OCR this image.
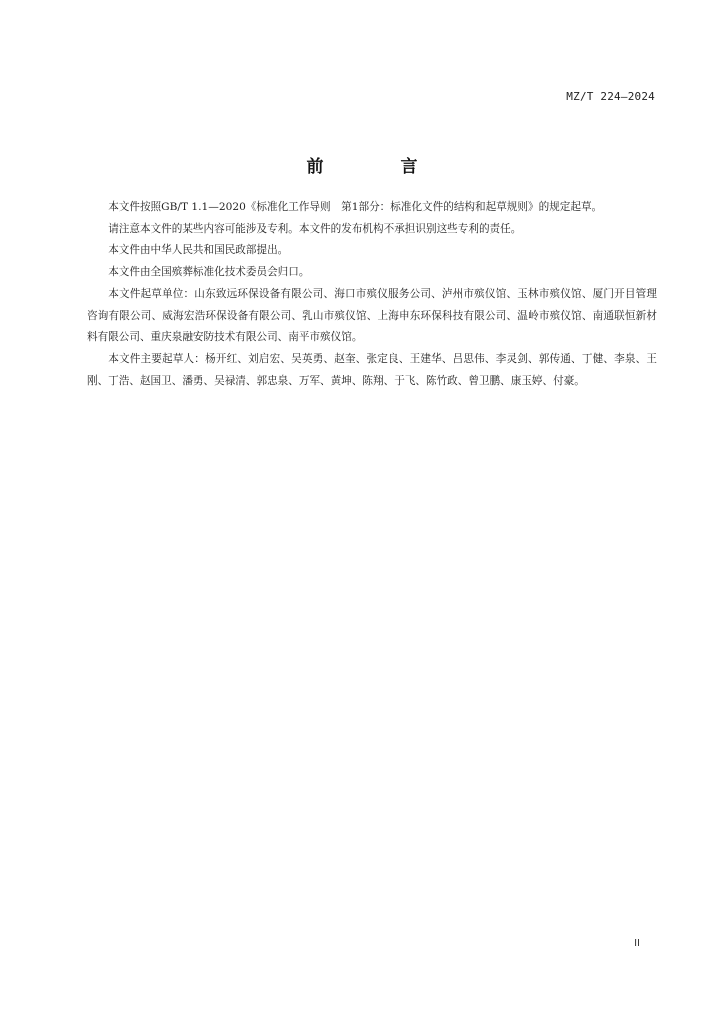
MZ/T 224—2024
前　言

本文件按照GB/T 1.1—2020《标准化工作导则　第1部分：标准化文件的结构和起草规则》的规定起草。

请注意本文件的某些内容可能涉及专利。本文件的发布机构不承担识别这些专利的责任。

本文件由中华人民共和国民政部提出。

本文件由全国殡葬标准化技术委员会归口。

本文件起草单位：山东致远环保设备有限公司、海口市殡仪服务公司、泸州市殡仪馆、玉林市殡仪馆、厦门开目管理咨询有限公司、威海宏浩环保设备有限公司、乳山市殡仪馆、上海申东环保科技有限公司、温岭市殡仪馆、南通联恒新材料有限公司、重庆泉融安防技术有限公司、南平市殡仪馆。

本文件主要起草人：杨开红、刘启宏、吴英勇、赵奎、张定良、王建华、吕思伟、李灵剑、郭传通、丁健、李泉、王刚、丁浩、赵国卫、潘勇、吴禄清、郭忠泉、万军、黄坤、陈翔、于飞、陈竹政、曾卫鹏、康玉婷、付豪。

II
